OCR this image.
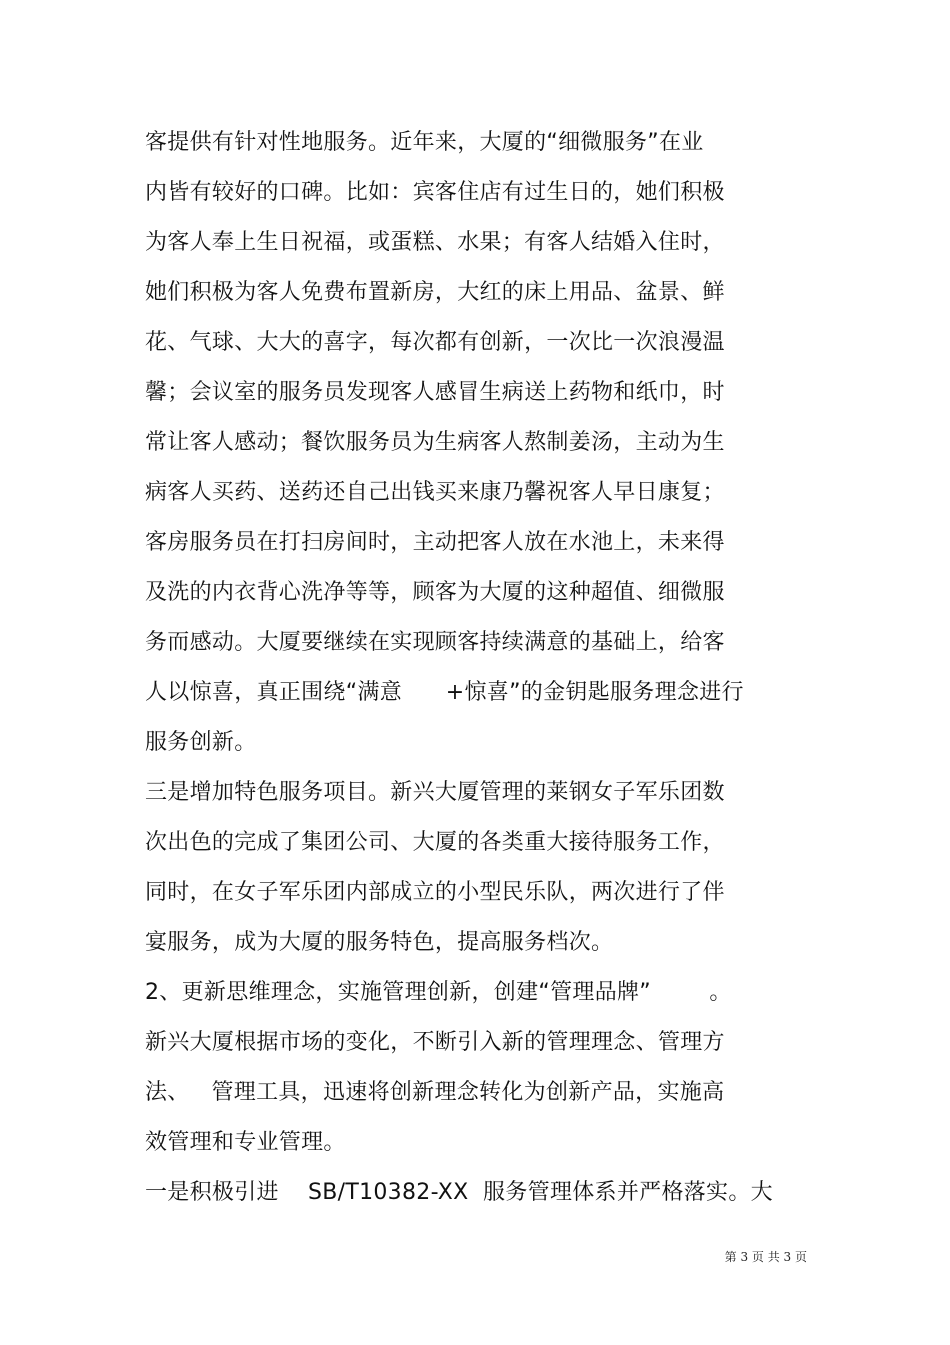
客提供有针对性地服务。近年来，大厦的“细微服务”在业
内皆有较好的口碑。比如：宾客住店有过生日的，她们积极
为客人奉上生日祝福，或蛋糕、水果；有客人结婚入住时，
她们积极为客人免费布置新房，大红的床上用品、盆景、鲜
花、气球、大大的喜字，每次都有创新，一次比一次浪漫温
馨；会议室的服务员发现客人感冒生病送上药物和纸巾，时
常让客人感动；餐饮服务员为生病客人熬制姜汤，主动为生
病客人买药、送药还自己出钱买来康乃馨祝客人早日康复；
客房服务员在打扫房间时，主动把客人放在水池上，未来得
及洗的内衣背心洗净等等，顾客为大厦的这种超值、细微服
务而感动。大厦要继续在实现顾客持续满意的基础上，给客
人以惊喜，真正围绕“满意      +惊喜”的金钥匙服务理念进行
服务创新。
三是增加特色服务项目。新兴大厦管理的莱钢女子军乐团数
次出色的完成了集团公司、大厦的各类重大接待服务工作，
同时，在女子军乐团内部成立的小型民乐队，两次进行了伴
宴服务，成为大厦的服务特色，提高服务档次。
2、更新思维理念，实施管理创新，创建“管理品牌”        。
新兴大厦根据市场的变化，不断引入新的管理理念、管理方
法、   管理工具，迅速将创新理念转化为创新产品，实施高
效管理和专业管理。
一是积极引进    SB/T10382-XX  服务管理体系并严格落实。大
第 3 页 共 3 页
